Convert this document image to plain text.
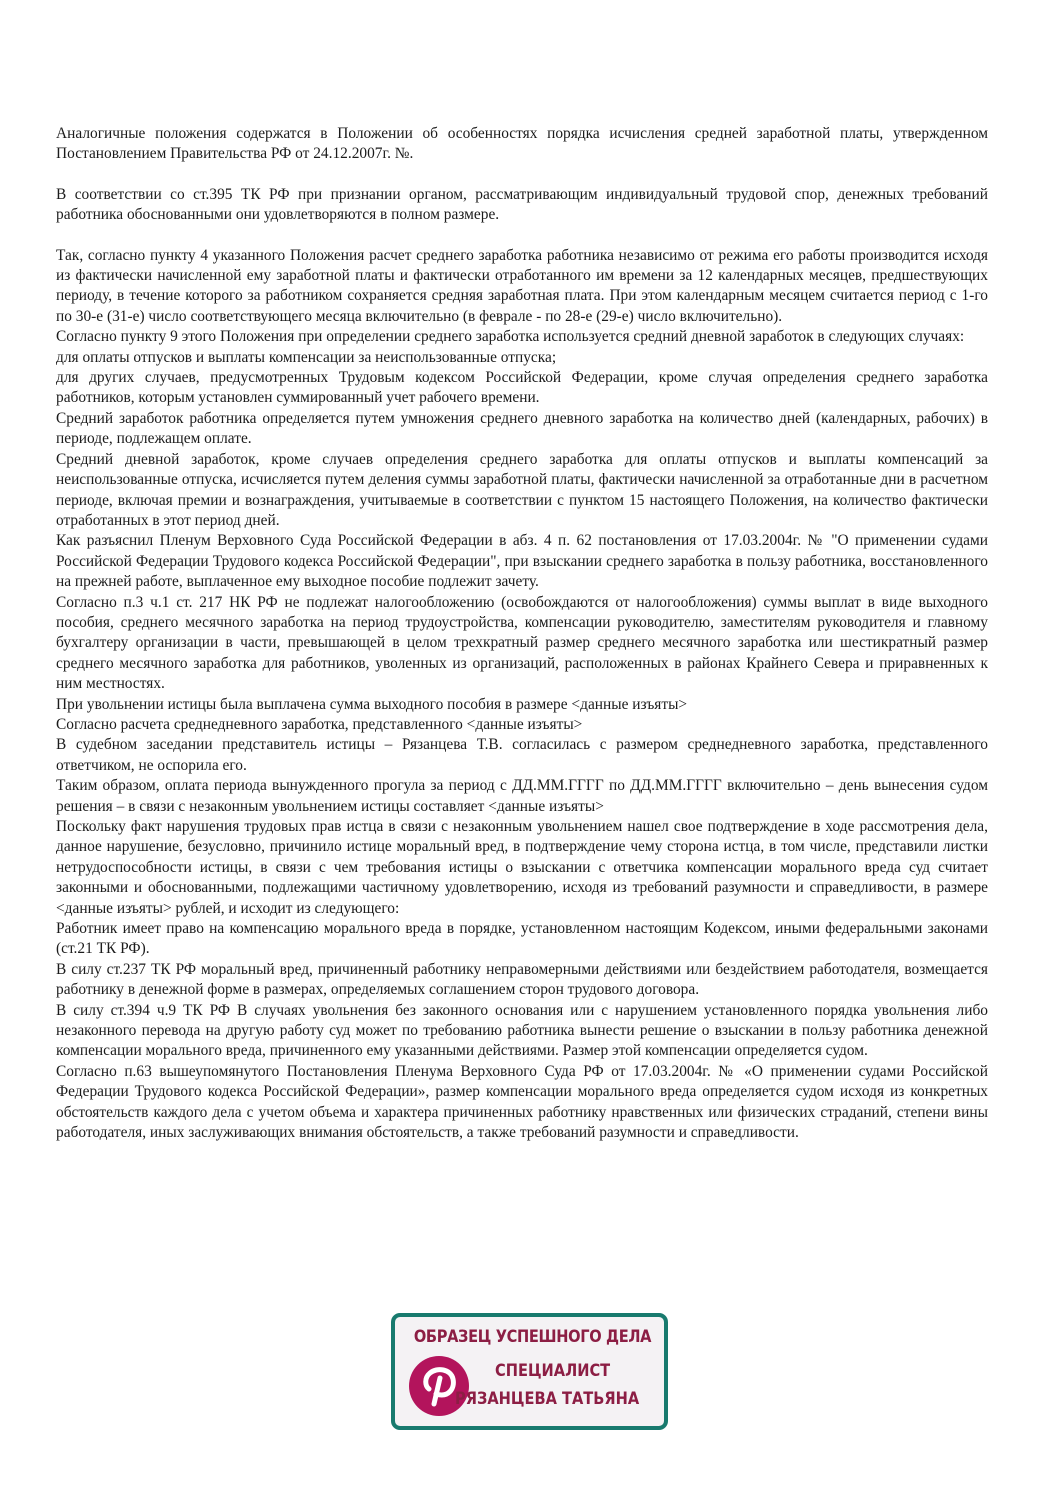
Аналогичные положения содержатся в Положении об особенностях порядка исчисления средней заработной платы, утвержденном Постановлением Правительства РФ от 24.12.2007г. №.

В соответствии со ст.395 ТК РФ при признании органом, рассматривающим индивидуальный трудовой спор, денежных требований работника обоснованными они удовлетворяются в полном размере.

Так, согласно пункту 4 указанного Положения расчет среднего заработка работника независимо от режима его работы производится исходя из фактически начисленной ему заработной платы и фактически отработанного им времени за 12 календарных месяцев, предшествующих периоду, в течение которого за работником сохраняется средняя заработная плата. При этом календарным месяцем считается период с 1-го по 30-е (31-е) число соответствующего месяца включительно (в феврале - по 28-е (29-е) число включительно).

Согласно пункту 9 этого Положения при определении среднего заработка используется средний дневной заработок в следующих случаях:

для оплаты отпусков и выплаты компенсации за неиспользованные отпуска;

для других случаев, предусмотренных Трудовым кодексом Российской Федерации, кроме случая определения среднего заработка работников, которым установлен суммированный учет рабочего времени.

Средний заработок работника определяется путем умножения среднего дневного заработка на количество дней (календарных, рабочих) в периоде, подлежащем оплате.

Средний дневной заработок, кроме случаев определения среднего заработка для оплаты отпусков и выплаты компенсаций за неиспользованные отпуска, исчисляется путем деления суммы заработной платы, фактически начисленной за отработанные дни в расчетном периоде, включая премии и вознаграждения, учитываемые в соответствии с пунктом 15 настоящего Положения, на количество фактически отработанных в этот период дней.

Как разъяснил Пленум Верховного Суда Российской Федерации в абз. 4 п. 62 постановления от 17.03.2004г. № "О применении судами Российской Федерации Трудового кодекса Российской Федерации", при взыскании среднего заработка в пользу работника, восстановленного на прежней работе, выплаченное ему выходное пособие подлежит зачету.

Согласно п.3 ч.1 ст. 217 НК РФ не подлежат налогообложению (освобождаются от налогообложения) суммы выплат в виде выходного пособия, среднего месячного заработка на период трудоустройства, компенсации руководителю, заместителям руководителя и главному бухгалтеру организации в части, превышающей в целом трехкратный размер среднего месячного заработка или шестикратный размер среднего месячного заработка для работников, уволенных из организаций, расположенных в районах Крайнего Севера и приравненных к ним местностях.

При увольнении истицы была выплачена сумма выходного пособия в размере <данные изъяты>

Согласно расчета среднедневного заработка, представленного <данные изъяты>

В судебном заседании представитель истицы – Рязанцева Т.В. согласилась с размером среднедневного заработка, представленного ответчиком, не оспорила его.

Таким образом, оплата периода вынужденного прогула за период с ДД.ММ.ГГГГ по ДД.ММ.ГГГГ включительно – день вынесения судом решения – в связи с незаконным увольнением истицы составляет <данные изъяты>

Поскольку факт нарушения трудовых прав истца в связи с незаконным увольнением нашел свое подтверждение в ходе рассмотрения дела, данное нарушение, безусловно, причинило истице моральный вред, в подтверждение чему сторона истца, в том числе, представили листки нетрудоспособности истицы, в связи с чем требования истицы о взыскании с ответчика компенсации морального вреда суд считает законными и обоснованными, подлежащими частичному удовлетворению, исходя из требований разумности и справедливости, в размере <данные изъяты> рублей, и исходит из следующего:

Работник имеет право на компенсацию морального вреда в порядке, установленном настоящим Кодексом, иными федеральными законами (ст.21 ТК РФ).

В силу ст.237 ТК РФ моральный вред, причиненный работнику неправомерными действиями или бездействием работодателя, возмещается работнику в денежной форме в размерах, определяемых соглашением сторон трудового договора.

В силу ст.394 ч.9 ТК РФ В случаях увольнения без законного основания или с нарушением установленного порядка увольнения либо незаконного перевода на другую работу суд может по требованию работника вынести решение о взыскании в пользу работника денежной компенсации морального вреда, причиненного ему указанными действиями. Размер этой компенсации определяется судом.

Согласно п.63 вышеупомянутого Постановления Пленума Верховного Суда РФ от 17.03.2004г. № «О применении судами Российской Федерации Трудового кодекса Российской Федерации», размер компенсации морального вреда определяется судом исходя из конкретных обстоятельств каждого дела с учетом объема и характера причиненных работнику нравственных или физических страданий, степени вины работодателя, иных заслуживающих внимания обстоятельств, а также требований разумности и справедливости.

ОБРАЗЕЦ УСПЕШНОГО ДЕЛА
СПЕЦИАЛИСТ
РЯЗАНЦЕВА ТАТЬЯНА
